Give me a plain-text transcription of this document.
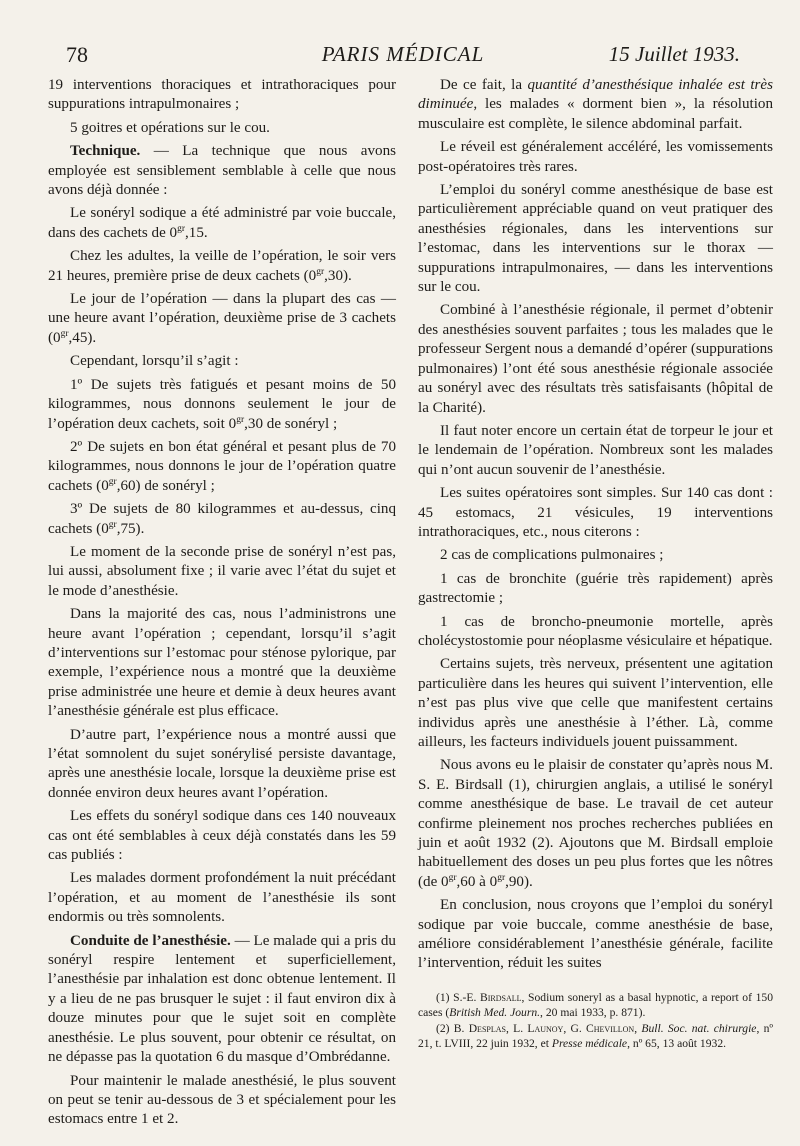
78	PARIS MÉDICAL	15 Juillet 1933.

19 interventions thoraciques et intrathoraciques pour suppurations intrapulmonaires ;

5 goitres et opérations sur le cou.

Technique. — La technique que nous avons employée est sensiblement semblable à celle que nous avons déjà donnée :

Le sonéryl sodique a été administré par voie buccale, dans des cachets de $0^{gr},15$.

Chez les adultes, la veille de l’opération, le soir vers 21 heures, première prise de deux cachets $(0^{gr},30)$.

Le jour de l’opération — dans la plupart des cas — une heure avant l’opération, deuxième prise de 3 cachets $(0^{gr},45)$.

Cependant, lorsqu’il s’agit :

1º De sujets très fatigués et pesant moins de 50 kilogrammes, nous donnons seulement le jour de l’opération deux cachets, soit $0^{gr},30$ de sonéryl ;

2º De sujets en bon état général et pesant plus de 70 kilogrammes, nous donnons le jour de l’opération quatre cachets $(0^{gr},60)$ de sonéryl ;

3º De sujets de 80 kilogrammes et au-dessus, cinq cachets $(0^{gr},75)$.

Le moment de la seconde prise de sonéryl n’est pas, lui aussi, absolument fixe ; il varie avec l’état du sujet et le mode d’anesthésie.

Dans la majorité des cas, nous l’administrons une heure avant l’opération ; cependant, lorsqu’il s’agit d’interventions sur l’estomac pour sténose pylorique, par exemple, l’expérience nous a montré que la deuxième prise administrée une heure et demie à deux heures avant l’anesthésie générale est plus efficace.

D’autre part, l’expérience nous a montré aussi que l’état somnolent du sujet sonérylisé persiste davantage, après une anesthésie locale, lorsque la deuxième prise est donnée environ deux heures avant l’opération.

Les effets du sonéryl sodique dans ces 140 nouveaux cas ont été semblables à ceux déjà constatés dans les 59 cas publiés :

Les malades dorment profondément la nuit précédant l’opération, et au moment de l’anesthésie ils sont endormis ou très somnolents.

Conduite de l’anesthésie. — Le malade qui a pris du sonéryl respire lentement et superficiellement, l’anesthésie par inhalation est donc obtenue lentement. Il y a lieu de ne pas brusquer le sujet : il faut environ dix à douze minutes pour que le sujet soit en complète anesthésie. Le plus souvent, pour obtenir ce résultat, on ne dépasse pas la quotation 6 du masque d’Ombrédanne.

Pour maintenir le malade anesthésié, le plus souvent on peut se tenir au-dessous de 3 et spécialement pour les estomacs entre 1 et 2.

De ce fait, la quantité d’anesthésique inhalée est très diminuée, les malades « dorment bien », la résolution musculaire est complète, le silence abdominal parfait.

Le réveil est généralement accéléré, les vomissements post-opératoires très rares.

L’emploi du sonéryl comme anesthésique de base est particulièrement appréciable quand on veut pratiquer des anesthésies régionales, dans les interventions sur l’estomac, dans les interventions sur le thorax — suppurations intrapulmonaires, — dans les interventions sur le cou.

Combiné à l’anesthésie régionale, il permet d’obtenir des anesthésies souvent parfaites ; tous les malades que le professeur Sergent nous a demandé d’opérer (suppurations pulmonaires) l’ont été sous anesthésie régionale associée au sonéryl avec des résultats très satisfaisants (hôpital de la Charité).

Il faut noter encore un certain état de torpeur le jour et le lendemain de l’opération. Nombreux sont les malades qui n’ont aucun souvenir de l’anesthésie.

Les suites opératoires sont simples. Sur 140 cas dont : 45 estomacs, 21 vésicules, 19 interventions intrathoraciques, etc., nous citerons :

2 cas de complications pulmonaires ;

1 cas de bronchite (guérie très rapidement) après gastrectomie ;

1 cas de broncho-pneumonie mortelle, après cholécystostomie pour néoplasme vésiculaire et hépatique.

Certains sujets, très nerveux, présentent une agitation particulière dans les heures qui suivent l’intervention, elle n’est pas plus vive que celle que manifestent certains individus après une anesthésie à l’éther. Là, comme ailleurs, les facteurs individuels jouent puissamment.

Nous avons eu le plaisir de constater qu’après nous M. S. E. Birdsall (1), chirurgien anglais, a utilisé le sonéryl comme anesthésique de base. Le travail de cet auteur confirme pleinement nos proches recherches publiées en juin et août 1932 (2). Ajoutons que M. Birdsall emploie habituellement des doses un peu plus fortes que les nôtres (de $0^{gr},60$ à $0^{gr},90$).

En conclusion, nous croyons que l’emploi du sonéryl sodique par voie buccale, comme anesthésie de base, améliore considérablement l’anesthésie générale, facilite l’intervention, réduit les suites

(1) S.-E. Birdsall, Sodium soneryl as a basal hypnotic, a report of 150 cases (British Med. Journ., 20 mai 1933, p. 871).

(2) B. Desplas, L. Launoy, G. Chevillon, Bull. Soc. nat. chirurgie, nº 21, t. LVIII, 22 juin 1932, et Presse médicale, nº 65, 13 août 1932.
